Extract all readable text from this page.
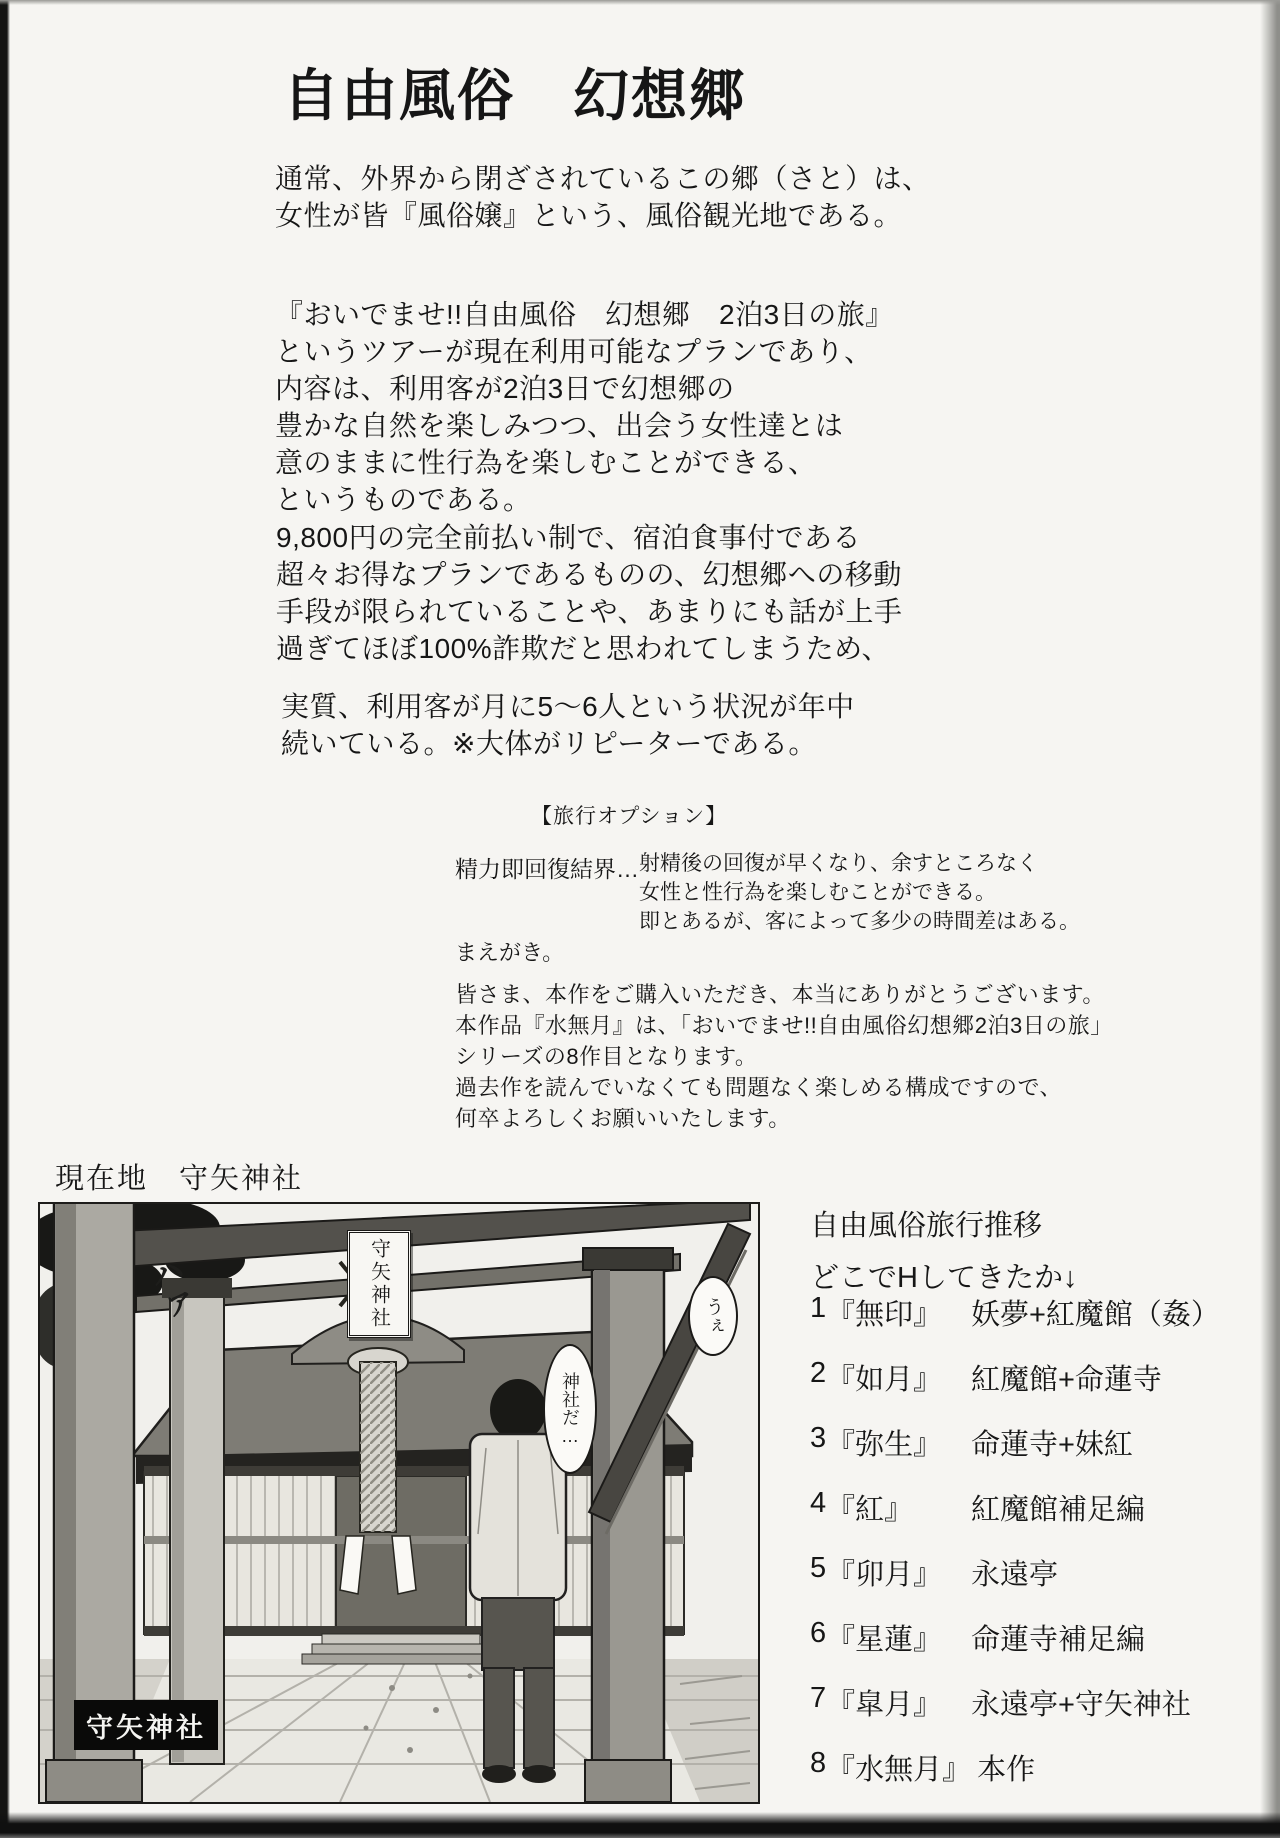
自由風俗　幻想郷
通常、外界から閉ざされているこの郷（さと）は、
女性が皆『風俗嬢』という、風俗観光地である。
『おいでませ!!自由風俗　幻想郷　2泊3日の旅』
というツアーが現在利用可能なプランであり、
内容は、利用客が2泊3日で幻想郷の
豊かな自然を楽しみつつ、出会う女性達とは
意のままに性行為を楽しむことができる、
というものである。
9,800円の完全前払い制で、宿泊食事付である
超々お得なプランであるものの、幻想郷への移動
手段が限られていることや、あまりにも話が上手
過ぎてほぼ100%詐欺だと思われてしまうため、
実質、利用客が月に5～6人という状況が年中
続いている。※大体がリピーターである。
【旅行オプション】
精力即回復結界… 射精後の回復が早くなり、余すところなく
女性と性行為を楽しむことができる。
即とあるが、客によって多少の時間差はある。
まえがき。
皆さま、本作をご購入いただき、本当にありがとうございます。
本作品『水無月』は、「おいでませ!!自由風俗幻想郷2泊3日の旅」
シリーズの8作目となります。
過去作を読んでいなくても問題なく楽しめる構成ですので、
何卒よろしくお願いいたします。
現在地　守矢神社
守矢神社
ハァ	うぇ
神社だ…
守矢神社
自由風俗旅行推移
どこでHしてきたか↓
1 『無印』 妖夢+紅魔館（姦）
2 『如月』 紅魔館+命蓮寺
3 『弥生』 命蓮寺+妹紅
4 『紅』 紅魔館補足編
5 『卯月』 永遠亭
6 『星蓮』 命蓮寺補足編
7 『皐月』 永遠亭+守矢神社
8 『水無月』 本作
